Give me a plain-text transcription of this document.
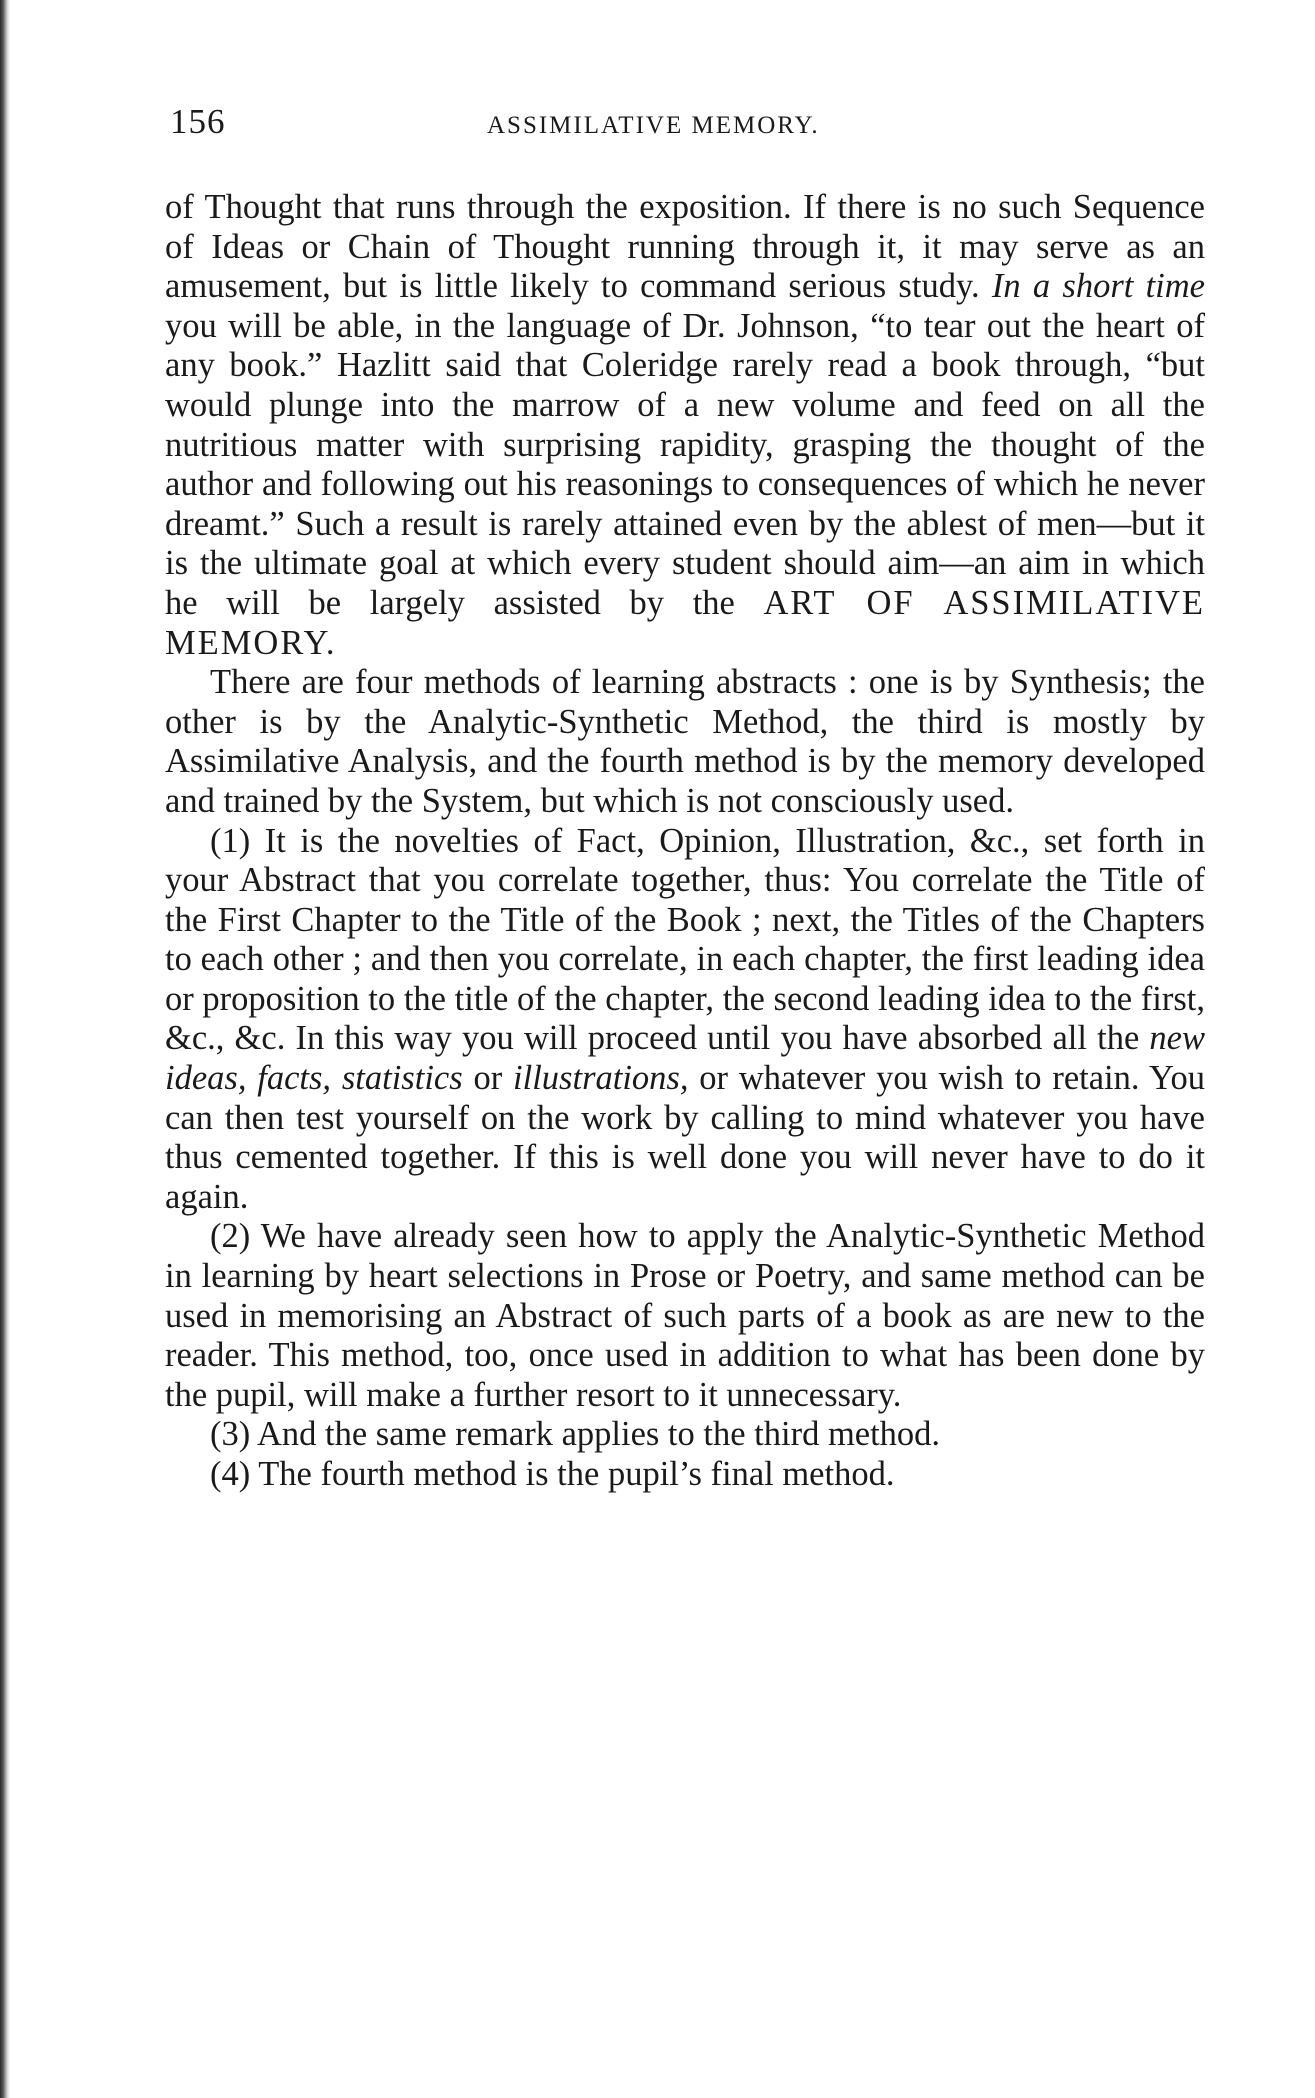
156	ASSIMILATIVE MEMORY.

of Thought that runs through the exposition. If there is no such Sequence of Ideas or Chain of Thought running through it, it may serve as an amusement, but is little likely to command serious study. In a short time you will be able, in the language of Dr. Johnson, “to tear out the heart of any book.” Hazlitt said that Coleridge rarely read a book through, “but would plunge into the marrow of a new volume and feed on all the nutritious matter with surprising rapidity, grasping the thought of the author and following out his reasonings to consequences of which he never dreamt.” Such a result is rarely attained even by the ablest of men—but it is the ultimate goal at which every student should aim—an aim in which he will be largely assisted by the ART OF ASSIMILATIVE MEMORY.

There are four methods of learning abstracts : one is by Synthesis; the other is by the Analytic-Synthetic Method, the third is mostly by Assimilative Analysis, and the fourth method is by the memory developed and trained by the System, but which is not consciously used.

(1) It is the novelties of Fact, Opinion, Illustration, &c., set forth in your Abstract that you correlate together, thus: You correlate the Title of the First Chapter to the Title of the Book ; next, the Titles of the Chapters to each other ; and then you correlate, in each chapter, the first leading idea or proposition to the title of the chapter, the second leading idea to the first, &c., &c. In this way you will proceed until you have absorbed all the new ideas, facts, statistics or illustrations, or whatever you wish to retain. You can then test yourself on the work by calling to mind whatever you have thus cemented together. If this is well done you will never have to do it again.

(2) We have already seen how to apply the Analytic-Synthetic Method in learning by heart selections in Prose or Poetry, and same method can be used in memorising an Abstract of such parts of a book as are new to the reader. This method, too, once used in addition to what has been done by the pupil, will make a further resort to it unnecessary.

(3) And the same remark applies to the third method.

(4) The fourth method is the pupil’s final method.
